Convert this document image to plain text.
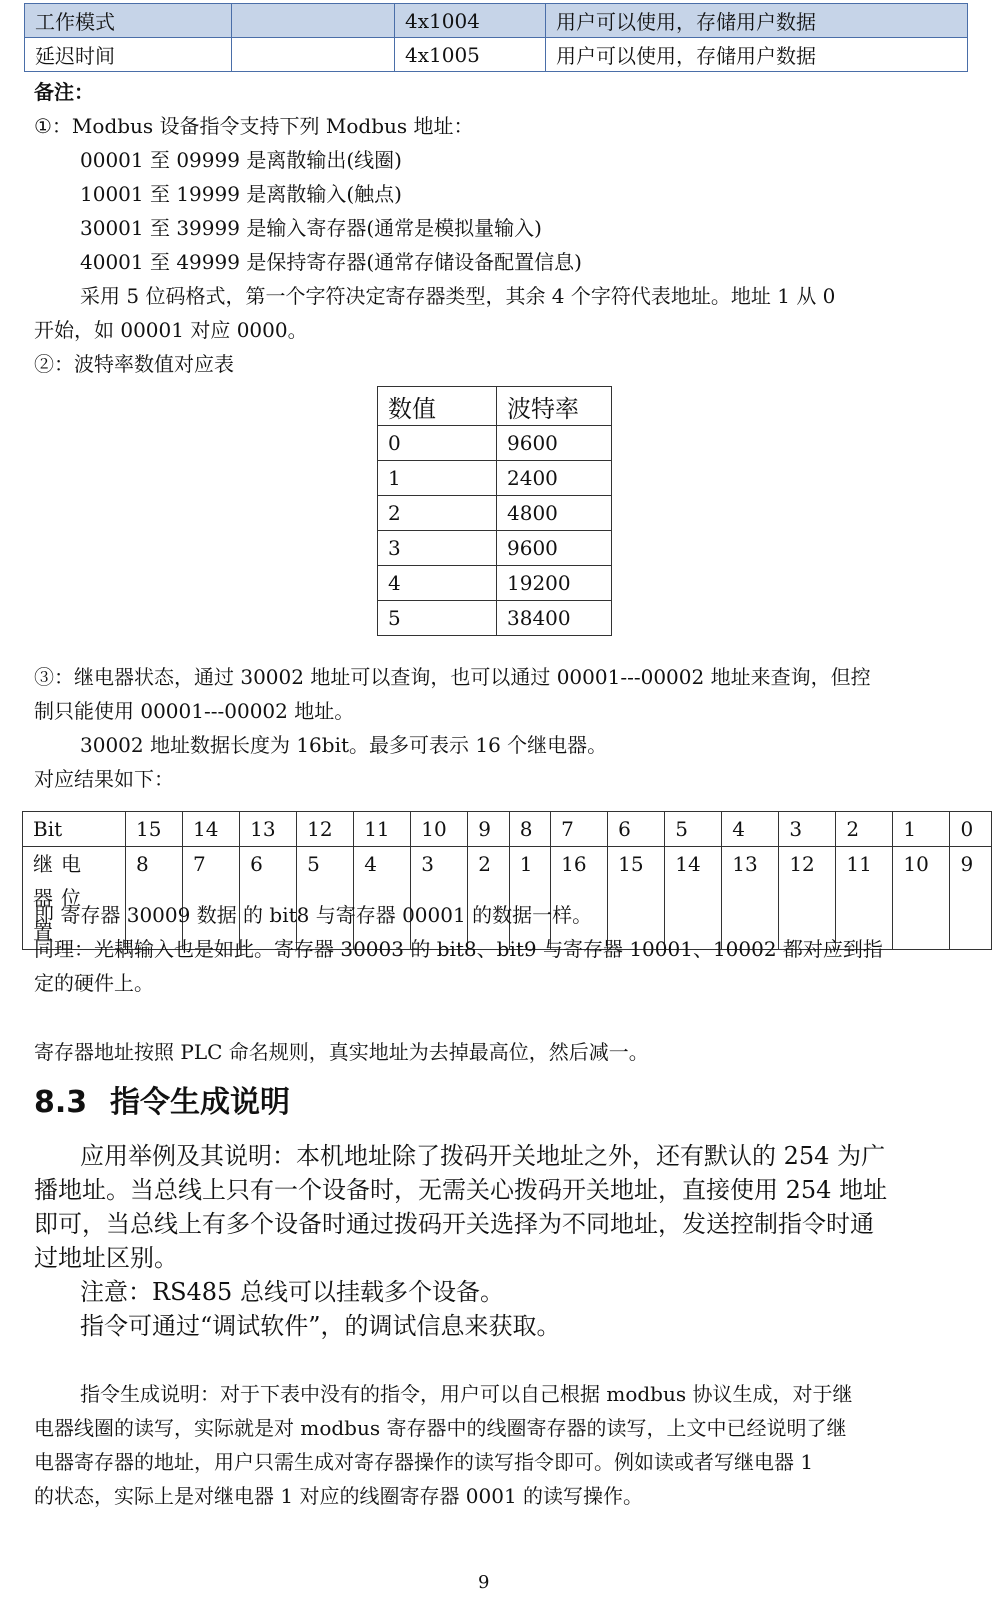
工作模式		4x1004	用户可以使用，存储用户数据
延迟时间		4x1005	用户可以使用，存储用户数据
备注：
①：Modbus 设备指令支持下列 Modbus 地址：
00001 至 09999 是离散输出(线圈)
10001 至 19999 是离散输入(触点)
30001 至 39999 是输入寄存器(通常是模拟量输入)
40001 至 49999 是保持寄存器(通常存储设备配置信息)
采用 5 位码格式，第一个字符决定寄存器类型，其余 4 个字符代表地址。地址 1 从 0
开始，如 00001 对应 0000。
②：波特率数值对应表
数值	波特率
0	9600
1	2400
2	4800
3	9600
4	19200
5	38400
③：继电器状态，通过 30002 地址可以查询，也可以通过 00001---00002 地址来查询，但控
制只能使用 00001---00002 地址。
30002 地址数据长度为 16bit。最多可表示 16 个继电器。
对应结果如下：
Bit	15	14	13	12	11	10	9	8	7	6	5	4	3	2	1	0
继电器位置	8	7	6	5	4	3	2	1	16	15	14	13	12	11	10	9
即 寄存器 30009 数据 的 bit8 与寄存器 00001 的数据一样。
同理：光耦输入也是如此。寄存器 30003 的 bit8、bit9 与寄存器 10001、10002 都对应到指
定的硬件上。
寄存器地址按照 PLC 命名规则，真实地址为去掉最高位，然后减一。
8.3 指令生成说明
应用举例及其说明：本机地址除了拨码开关地址之外，还有默认的 254 为广
播地址。当总线上只有一个设备时，无需关心拨码开关地址，直接使用 254 地址
即可，当总线上有多个设备时通过拨码开关选择为不同地址，发送控制指令时通
过地址区别。
注意：RS485 总线可以挂载多个设备。
指令可通过“调试软件”，的调试信息来获取。
指令生成说明：对于下表中没有的指令，用户可以自己根据 modbus 协议生成，对于继
电器线圈的读写，实际就是对 modbus 寄存器中的线圈寄存器的读写，上文中已经说明了继
电器寄存器的地址，用户只需生成对寄存器操作的读写指令即可。例如读或者写继电器 1
的状态，实际上是对继电器 1 对应的线圈寄存器 0001 的读写操作。
9
